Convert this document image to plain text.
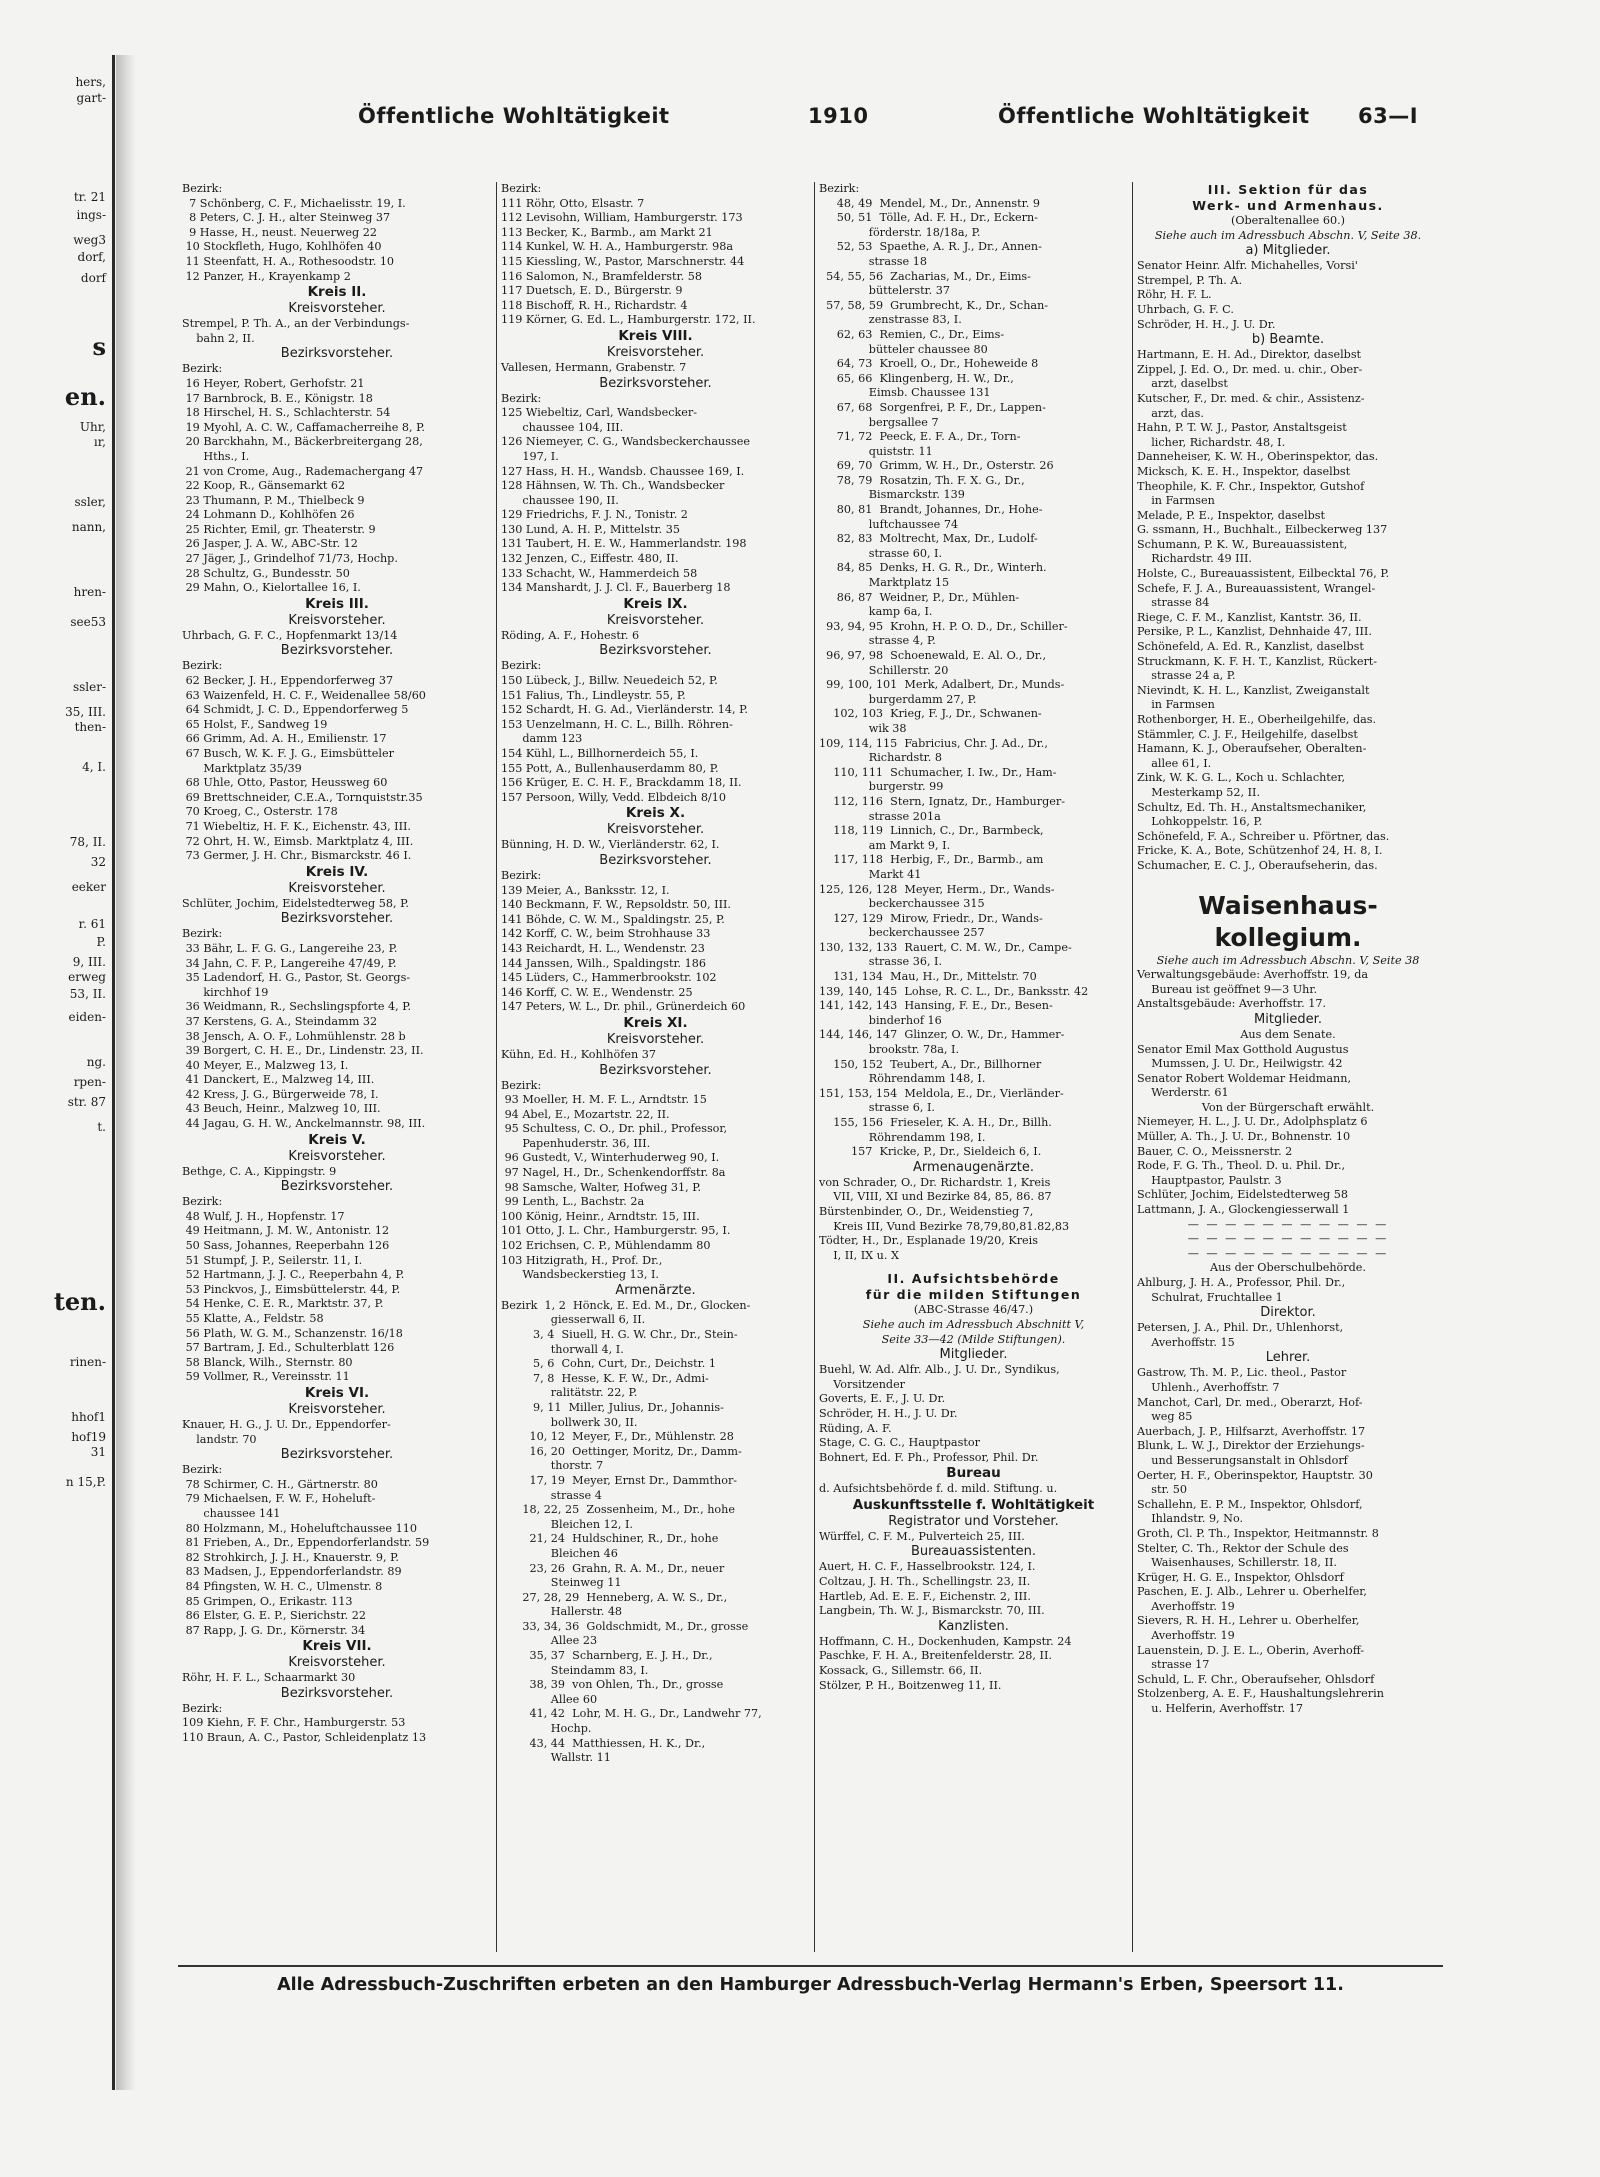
hers,
gart-
tr. 21
ings-
weg3
dorf,
dorf
s
en.
Uhr,
ır,
ssler,
nann,
hren-
see53
ssler-
35, III.
then-
4, I.
78, II.
32
eeker
r. 61
P.
9, III.
erweg
53, II.
eiden-
ng.
rpen-
str. 87
t.
ten.
rinen-
hhof1
hof19
31
n 15,P.
Öffentliche Wohltätigkeit	1910	Öffentliche Wohltätigkeit 63—I
Bezirk:
7 Schönberg, C. F., Michaelisstr. 19, I.
8 Peters, C. J. H., alter Steinweg 37
9 Hasse, H., neust. Neuerweg 22
10 Stockfleth, Hugo, Kohlhöfen 40
11 Steenfatt, H. A., Rothesoodstr. 10
12 Panzer, H., Krayenkamp 2
Kreis II.
Kreisvorsteher.
Strempel, P. Th. A., an der Verbindungs-
bahn 2, II.
Bezirksvorsteher.
Bezirk:
16 Heyer, Robert, Gerhofstr. 21
17 Barnbrock, B. E., Königstr. 18
18 Hirschel, H. S., Schlachterstr. 54
19 Myohl, A. C. W., Caffamacherreihe 8, P.
20 Barckhahn, M., Bäckerbreitergang 28,
Hths., I.
21 von Crome, Aug., Rademachergang 47
22 Koop, R., Gänsemarkt 62
23 Thumann, P. M., Thielbeck 9
24 Lohmann D., Kohlhöfen 26
25 Richter, Emil, gr. Theaterstr. 9
26 Jasper, J. A. W., ABC-Str. 12
27 Jäger, J., Grindelhof 71/73, Hochp.
28 Schultz, G., Bundesstr. 50
29 Mahn, O., Kielortallee 16, I.
Kreis III.
Kreisvorsteher.
Uhrbach, G. F. C., Hopfenmarkt 13/14
Bezirksvorsteher.
Bezirk:
62 Becker, J. H., Eppendorferweg 37
63 Waizenfeld, H. C. F., Weidenallee 58/60
64 Schmidt, J. C. D., Eppendorferweg 5
65 Holst, F., Sandweg 19
66 Grimm, Ad. A. H., Emilienstr. 17
67 Busch, W. K. F. J. G., Eimsbütteler
Marktplatz 35/39
68 Uhle, Otto, Pastor, Heussweg 60
69 Brettschneider, C.E.A., Tornquiststr.35
70 Kroeg, C., Osterstr. 178
71 Wiebeltiz, H. F. K., Eichenstr. 43, III.
72 Ohrt, H. W., Eimsb. Marktplatz 4, III.
73 Germer, J. H. Chr., Bismarckstr. 46 I.
Kreis IV.
Kreisvorsteher.
Schlüter, Jochim, Eidelstedterweg 58, P.
Bezirksvorsteher.
Bezirk:
33 Bähr, L. F. G. G., Langereihe 23, P.
34 Jahn, C. F. P., Langereihe 47/49, P.
35 Ladendorf, H. G., Pastor, St. Georgs-
kirchhof 19
36 Weidmann, R., Sechslingspforte 4, P.
37 Kerstens, G. A., Steindamm 32
38 Jensch, A. O. F., Lohmühlenstr. 28 b
39 Borgert, C. H. E., Dr., Lindenstr. 23, II.
40 Meyer, E., Malzweg 13, I.
41 Danckert, E., Malzweg 14, III.
42 Kress, J. G., Bürgerweide 78, I.
43 Beuch, Heinr., Malzweg 10, III.
44 Jagau, G. H. W., Anckelmannstr. 98, III.
Kreis V.
Kreisvorsteher.
Bethge, C. A., Kippingstr. 9
Bezirksvorsteher.
Bezirk:
48 Wulf, J. H., Hopfenstr. 17
49 Heitmann, J. M. W., Antonistr. 12
50 Sass, Johannes, Reeperbahn 126
51 Stumpf, J. P., Seilerstr. 11, I.
52 Hartmann, J. J. C., Reeperbahn 4, P.
53 Pinckvos, J., Eimsbüttelerstr. 44, P.
54 Henke, C. E. R., Marktstr. 37, P.
55 Klatte, A., Feldstr. 58
56 Plath, W. G. M., Schanzenstr. 16/18
57 Bartram, J. Ed., Schulterblatt 126
58 Blanck, Wilh., Sternstr. 80
59 Vollmer, R., Vereinsstr. 11
Kreis VI.
Kreisvorsteher.
Knauer, H. G., J. U. Dr., Eppendorfer-
landstr. 70
Bezirksvorsteher.
Bezirk:
78 Schirmer, C. H., Gärtnerstr. 80
79 Michaelsen, F. W. F., Hoheluft-
chaussee 141
80 Holzmann, M., Hoheluftchaussee 110
81 Frieben, A., Dr., Eppendorferlandstr. 59
82 Strohkirch, J. J. H., Knauerstr. 9, P.
83 Madsen, J., Eppendorferlandstr. 89
84 Pfingsten, W. H. C., Ulmenstr. 8
85 Grimpen, O., Erikastr. 113
86 Elster, G. E. P., Sierichstr. 22
87 Rapp, J. G. Dr., Körnerstr. 34
Kreis VII.
Kreisvorsteher.
Röhr, H. F. L., Schaarmarkt 30
Bezirksvorsteher.
Bezirk:
109 Kiehn, F. F. Chr., Hamburgerstr. 53
110 Braun, A. C., Pastor, Schleidenplatz 13
Bezirk:
111 Röhr, Otto, Elsastr. 7
112 Levisohn, William, Hamburgerstr. 173
113 Becker, K., Barmb., am Markt 21
114 Kunkel, W. H. A., Hamburgerstr. 98a
115 Kiessling, W., Pastor, Marschnerstr. 44
116 Salomon, N., Bramfelderstr. 58
117 Duetsch, E. D., Bürgerstr. 9
118 Bischoff, R. H., Richardstr. 4
119 Körner, G. Ed. L., Hamburgerstr. 172, II.
Kreis VIII.
Kreisvorsteher.
Vallesen, Hermann, Grabenstr. 7
Bezirksvorsteher.
Bezirk:
125 Wiebeltiz, Carl, Wandsbecker-
chaussee 104, III.
126 Niemeyer, C. G., Wandsbeckerchaussee
197, I.
127 Hass, H. H., Wandsb. Chaussee 169, I.
128 Hähnsen, W. Th. Ch., Wandsbecker
chaussee 190, II.
129 Friedrichs, F. J. N., Tonistr. 2
130 Lund, A. H. P., Mittelstr. 35
131 Taubert, H. E. W., Hammerlandstr. 198
132 Jenzen, C., Eiffestr. 480, II.
133 Schacht, W., Hammerdeich 58
134 Manshardt, J. J. Cl. F., Bauerberg 18
Kreis IX.
Kreisvorsteher.
Röding, A. F., Hohestr. 6
Bezirksvorsteher.
Bezirk:
150 Lübeck, J., Billw. Neuedeich 52, P.
151 Falius, Th., Lindleystr. 55, P.
152 Schardt, H. G. Ad., Vierländerstr. 14, P.
153 Uenzelmann, H. C. L., Billh. Röhren-
damm 123
154 Kühl, L., Billhornerdeich 55, I.
155 Pott, A., Bullenhauserdamm 80, P.
156 Krüger, E. C. H. F., Brackdamm 18, II.
157 Persoon, Willy, Vedd. Elbdeich 8/10
Kreis X.
Kreisvorsteher.
Bünning, H. D. W., Vierländerstr. 62, I.
Bezirksvorsteher.
Bezirk:
139 Meier, A., Banksstr. 12, I.
140 Beckmann, F. W., Repsoldstr. 50, III.
141 Böhde, C. W. M., Spaldingstr. 25, P.
142 Korff, C. W., beim Strohhause 33
143 Reichardt, H. L., Wendenstr. 23
144 Janssen, Wilh., Spaldingstr. 186
145 Lüders, C., Hammerbrookstr. 102
146 Korff, C. W. E., Wendenstr. 25
147 Peters, W. L., Dr. phil., Grünerdeich 60
Kreis XI.
Kreisvorsteher.
Kühn, Ed. H., Kohlhöfen 37
Bezirksvorsteher.
Bezirk:
93 Moeller, H. M. F. L., Arndtstr. 15
94 Abel, E., Mozartstr. 22, II.
95 Schultess, C. O., Dr. phil., Professor,
Papenhuderstr. 36, III.
96 Gustedt, V., Winterhuderweg 90, I.
97 Nagel, H., Dr., Schenkendorffstr. 8a
98 Samsche, Walter, Hofweg 31, P.
99 Lenth, L., Bachstr. 2a
100 König, Heinr., Arndtstr. 15, III.
101 Otto, J. L. Chr., Hamburgerstr. 95, I.
102 Erichsen, C. P., Mühlendamm 80
103 Hitzigrath, H., Prof. Dr.,
Wandsbeckerstieg 13, I.
Armenärzte.
Bezirk  1, 2  Hönck, E. Ed. M., Dr., Glocken-
giesserwall 6, II.
3, 4  Siuell, H. G. W. Chr., Dr., Stein-
thorwall 4, I.
5, 6  Cohn, Curt, Dr., Deichstr. 1
7, 8  Hesse, K. F. W., Dr., Admi-
ralitätstr. 22, P.
9, 11  Miller, Julius, Dr., Johannis-
bollwerk 30, II.
10, 12  Meyer, F., Dr., Mühlenstr. 28
16, 20  Oettinger, Moritz, Dr., Damm-
thorstr. 7
17, 19  Meyer, Ernst Dr., Dammthor-
strasse 4
18, 22, 25  Zossenheim, M., Dr., hohe
Bleichen 12, I.
21, 24  Huldschiner, R., Dr., hohe
Bleichen 46
23, 26  Grahn, R. A. M., Dr., neuer
Steinweg 11
27, 28, 29  Henneberg, A. W. S., Dr.,
Hallerstr. 48
33, 34, 36  Goldschmidt, M., Dr., grosse
Allee 23
35, 37  Scharnberg, E. J. H., Dr.,
Steindamm 83, I.
38, 39  von Ohlen, Th., Dr., grosse
Allee 60
41, 42  Lohr, M. H. G., Dr., Landwehr 77,
Hochp.
43, 44  Matthiessen, H. K., Dr.,
Wallstr. 11
Bezirk:
48, 49  Mendel, M., Dr., Annenstr. 9
50, 51  Tölle, Ad. F. H., Dr., Eckern-
förderstr. 18/18a, P.
52, 53  Spaethe, A. R. J., Dr., Annen-
strasse 18
54, 55, 56  Zacharias, M., Dr., Eims-
büttelerstr. 37
57, 58, 59  Grumbrecht, K., Dr., Schan-
zenstrasse 83, I.
62, 63  Remien, C., Dr., Eims-
bütteler chaussee 80
64, 73  Kroell, O., Dr., Hoheweide 8
65, 66  Klingenberg, H. W., Dr.,
Eimsb. Chaussee 131
67, 68  Sorgenfrei, P. F., Dr., Lappen-
bergsallee 7
71, 72  Peeck, E. F. A., Dr., Torn-
quiststr. 11
69, 70  Grimm, W. H., Dr., Osterstr. 26
78, 79  Rosatzin, Th. F. X. G., Dr.,
Bismarckstr. 139
80, 81  Brandt, Johannes, Dr., Hohe-
luftchaussee 74
82, 83  Moltrecht, Max, Dr., Ludolf-
strasse 60, I.
84, 85  Denks, H. G. R., Dr., Winterh.
Marktplatz 15
86, 87  Weidner, P., Dr., Mühlen-
kamp 6a, I.
93, 94, 95  Krohn, H. P. O. D., Dr., Schiller-
strasse 4, P.
96, 97, 98  Schoenewald, E. Al. O., Dr.,
Schillerstr. 20
99, 100, 101  Merk, Adalbert, Dr., Munds-
burgerdamm 27, P.
102, 103  Krieg, F. J., Dr., Schwanen-
wik 38
109, 114, 115  Fabricius, Chr. J. Ad., Dr.,
Richardstr. 8
110, 111  Schumacher, I. Iw., Dr., Ham-
burgerstr. 99
112, 116  Stern, Ignatz, Dr., Hamburger-
strasse 201a
118, 119  Linnich, C., Dr., Barmbeck,
am Markt 9, I.
117, 118  Herbig, F., Dr., Barmb., am
Markt 41
125, 126, 128  Meyer, Herm., Dr., Wands-
beckerchaussee 315
127, 129  Mirow, Friedr., Dr., Wands-
beckerchaussee 257
130, 132, 133  Rauert, C. M. W., Dr., Campe-
strasse 36, I.
131, 134  Mau, H., Dr., Mittelstr. 70
139, 140, 145  Lohse, R. C. L., Dr., Banksstr. 42
141, 142, 143  Hansing, F. E., Dr., Besen-
binderhof 16
144, 146, 147  Glinzer, O. W., Dr., Hammer-
brookstr. 78a, I.
150, 152  Teubert, A., Dr., Billhorner
Röhrendamm 148, I.
151, 153, 154  Meldola, E., Dr., Vierländer-
strasse 6, I.
155, 156  Frieseler, K. A. H., Dr., Billh.
Röhrendamm 198, I.
157  Kricke, P., Dr., Sieldeich 6, I.
Armenaugenärzte.
von Schrader, O., Dr. Richardstr. 1, Kreis
VII, VIII, XI und Bezirke 84, 85, 86. 87
Bürstenbinder, O., Dr., Weidenstieg 7,
Kreis III, Vund Bezirke 78,79,80,81.82,83
Tödter, H., Dr., Esplanade 19/20, Kreis
I, II, IX u. X
II. Aufsichtsbehörde
für die milden Stiftungen
(ABC-Strasse 46/47.)
Siehe auch im Adressbuch Abschnitt V,
Seite 33—42 (Milde Stiftungen).
Mitglieder.
Buehl, W. Ad. Alfr. Alb., J. U. Dr., Syndikus,
Vorsitzender
Goverts, E. F., J. U. Dr.
Schröder, H. H., J. U. Dr.
Rüding, A. F.
Stage, C. G. C., Hauptpastor
Bohnert, Ed. F. Ph., Professor, Phil. Dr.
Bureau
d. Aufsichtsbehörde f. d. mild. Stiftung. u.
Auskunftsstelle f. Wohltätigkeit
Registrator und Vorsteher.
Würffel, C. F. M., Pulverteich 25, III.
Bureauassistenten.
Auert, H. C. F., Hasselbrookstr. 124, I.
Coltzau, J. H. Th., Schellingstr. 23, II.
Hartleb, Ad. E. E. F., Eichenstr. 2, III.
Langbein, Th. W. J., Bismarckstr. 70, III.
Kanzlisten.
Hoffmann, C. H., Dockenhuden, Kampstr. 24
Paschke, F. H. A., Breitenfelderstr. 28, II.
Kossack, G., Sillemstr. 66, II.
Stölzer, P. H., Boitzenweg 11, II.
III. Sektion für das
Werk- und Armenhaus.
(Oberaltenallee 60.)
Siehe auch im Adressbuch Abschn. V, Seite 38.
a) Mitglieder.
Senator Heinr. Alfr. Michahelles, Vorsi'
Strempel, P. Th. A.
Röhr, H. F. L.
Uhrbach, G. F. C.
Schröder, H. H., J. U. Dr.
b) Beamte.
Hartmann, E. H. Ad., Direktor, daselbst
Zippel, J. Ed. O., Dr. med. u. chir., Ober-
arzt, daselbst
Kutscher, F., Dr. med. & chir., Assistenz-
arzt, das.
Hahn, P. T. W. J., Pastor, Anstaltsgeist
licher, Richardstr. 48, I.
Danneheiser, K. W. H., Oberinspektor, das.
Micksch, K. E. H., Inspektor, daselbst
Theophile, K. F. Chr., Inspektor, Gutshof
in Farmsen
Melade, P. E., Inspektor, daselbst
G. ssmann, H., Buchhalt., Eilbeckerweg 137
Schumann, P. K. W., Bureauassistent,
Richardstr. 49 III.
Holste, C., Bureauassistent, Eilbecktal 76, P.
Schefe, F. J. A., Bureauassistent, Wrangel-
strasse 84
Riege, C. F. M., Kanzlist, Kantstr. 36, II.
Persike, P. L., Kanzlist, Dehnhaide 47, III.
Schönefeld, A. Ed. R., Kanzlist, daselbst
Struckmann, K. F. H. T., Kanzlist, Rückert-
strasse 24 a, P.
Nievindt, K. H. L., Kanzlist, Zweiganstalt
in Farmsen
Rothenborger, H. E., Oberheilgehilfe, das.
Stämmler, C. J. F., Heilgehilfe, daselbst
Hamann, K. J., Oberaufseher, Oberalten-
allee 61, I.
Zink, W. K. G. L., Koch u. Schlachter,
Mesterkamp 52, II.
Schultz, Ed. Th. H., Anstaltsmechaniker,
Lohkoppelstr. 16, P.
Schönefeld, F. A., Schreiber u. Pförtner, das.
Fricke, K. A., Bote, Schützenhof 24, H. 8, I.
Schumacher, E. C. J., Oberaufseherin, das.
Waisenhaus-
kollegium.
Siehe auch im Adressbuch Abschn. V, Seite 38
Verwaltungsgebäude: Averhoffstr. 19, da
Bureau ist geöffnet 9—3 Uhr.
Anstaltsgebäude: Averhoffstr. 17.
Mitglieder.
Aus dem Senate.
Senator Emil Max Gotthold Augustus
Mumssen, J. U. Dr., Heilwigstr. 42
Senator Robert Woldemar Heidmann,
Werderstr. 61
Von der Bürgerschaft erwählt.
Niemeyer, H. L., J. U. Dr., Adolphsplatz 6
Müller, A. Th., J. U. Dr., Bohnenstr. 10
Bauer, C. O., Meissnerstr. 2
Rode, F. G. Th., Theol. D. u. Phil. Dr.,
Hauptpastor, Paulstr. 3
Schlüter, Jochim, Eidelstedterweg 58
Lattmann, J. A., Glockengiesserwall 1
— — — — — — — — — — —
— — — — — — — — — — —
— — — — — — — — — — —
Aus der Oberschulbehörde.
Ahlburg, J. H. A., Professor, Phil. Dr.,
Schulrat, Fruchtallee 1
Direktor.
Petersen, J. A., Phil. Dr., Uhlenhorst,
Averhoffstr. 15
Lehrer.
Gastrow, Th. M. P., Lic. theol., Pastor
Uhlenh., Averhoffstr. 7
Manchot, Carl, Dr. med., Oberarzt, Hof-
weg 85
Auerbach, J. P., Hilfsarzt, Averhoffstr. 17
Blunk, L. W. J., Direktor der Erziehungs-
und Besserungsanstalt in Ohlsdorf
Oerter, H. F., Oberinspektor, Hauptstr. 30
str. 50
Schallehn, E. P. M., Inspektor, Ohlsdorf,
Ihlandstr. 9, No.
Groth, Cl. P. Th., Inspektor, Heitmannstr. 8
Stelter, C. Th., Rektor der Schule des
Waisenhauses, Schillerstr. 18, II.
Krüger, H. G. E., Inspektor, Ohlsdorf
Paschen, E. J. Alb., Lehrer u. Oberhelfer,
Averhoffstr. 19
Sievers, R. H. H., Lehrer u. Oberhelfer,
Averhoffstr. 19
Lauenstein, D. J. E. L., Oberin, Averhoff-
strasse 17
Schuld, L. F. Chr., Oberaufseher, Ohlsdorf
Stolzenberg, A. E. F., Haushaltungslehrerin
u. Helferin, Averhoffstr. 17
Alle Adressbuch-Zuschriften erbeten an den Hamburger Adressbuch-Verlag Hermann's Erben, Speersort 11.
